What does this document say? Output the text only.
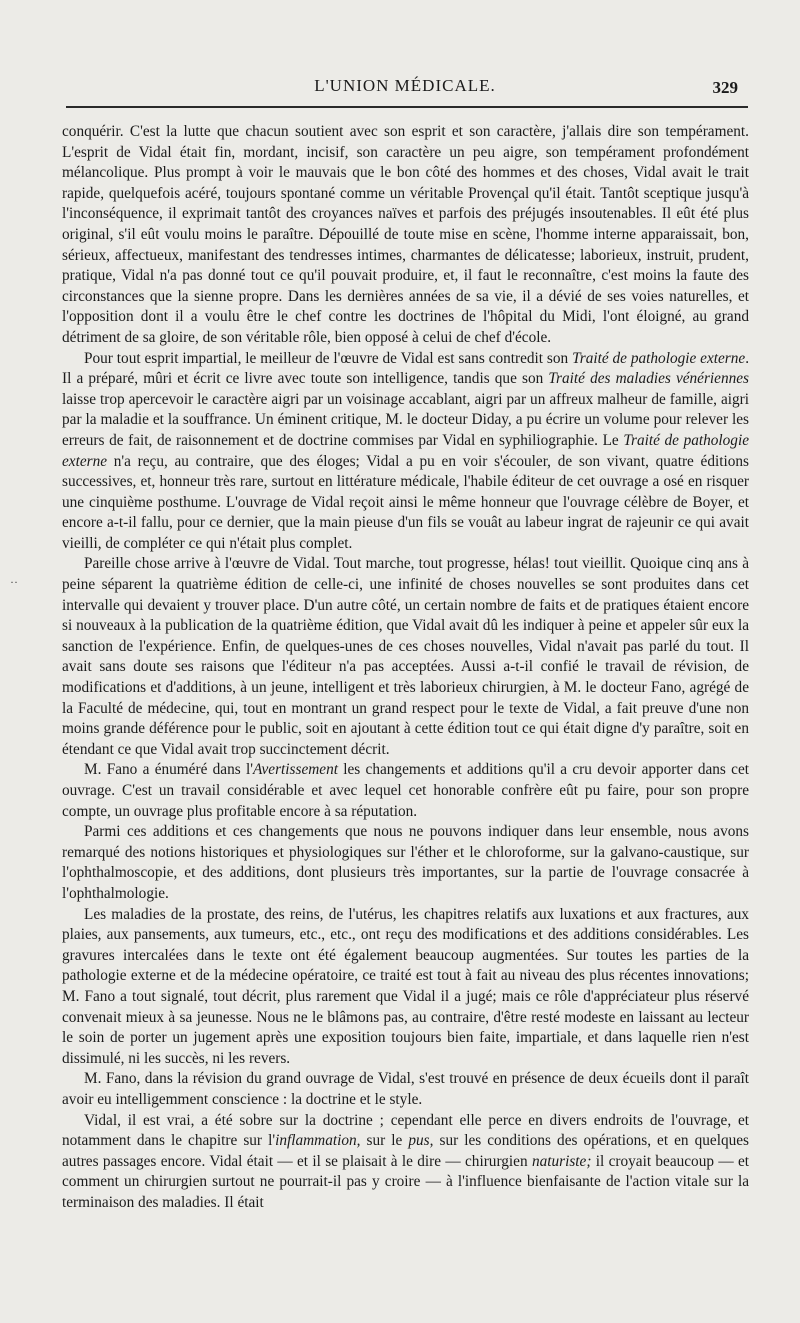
L'UNION MÉDICALE.	329
··

conquérir. C'est la lutte que chacun soutient avec son esprit et son caractère, j'allais dire son tempérament. L'esprit de Vidal était fin, mordant, incisif, son caractère un peu aigre, son tempérament profondément mélancolique. Plus prompt à voir le mauvais que le bon côté des hommes et des choses, Vidal avait le trait rapide, quelquefois acéré, toujours spontané comme un véritable Provençal qu'il était. Tantôt sceptique jusqu'à l'inconséquence, il exprimait tantôt des croyances naïves et parfois des préjugés insoutenables. Il eût été plus original, s'il eût voulu moins le paraître. Dépouillé de toute mise en scène, l'homme interne apparaissait, bon, sérieux, affectueux, manifestant des tendresses intimes, charmantes de délicatesse; laborieux, instruit, prudent, pratique, Vidal n'a pas donné tout ce qu'il pouvait produire, et, il faut le reconnaître, c'est moins la faute des circonstances que la sienne propre. Dans les dernières années de sa vie, il a dévié de ses voies naturelles, et l'opposition dont il a voulu être le chef contre les doctrines de l'hôpital du Midi, l'ont éloigné, au grand détriment de sa gloire, de son véritable rôle, bien opposé à celui de chef d'école.

Pour tout esprit impartial, le meilleur de l'œuvre de Vidal est sans contredit son Traité de pathologie externe. Il a préparé, mûri et écrit ce livre avec toute son intelligence, tandis que son Traité des maladies vénériennes laisse trop apercevoir le caractère aigri par un voisinage accablant, aigri par un affreux malheur de famille, aigri par la maladie et la souffrance. Un éminent critique, M. le docteur Diday, a pu écrire un volume pour relever les erreurs de fait, de raisonnement et de doctrine commises par Vidal en syphiliographie. Le Traité de pathologie externe n'a reçu, au contraire, que des éloges; Vidal a pu en voir s'écouler, de son vivant, quatre éditions successives, et, honneur très rare, surtout en littérature médicale, l'habile éditeur de cet ouvrage a osé en risquer une cinquième posthume. L'ouvrage de Vidal reçoit ainsi le même honneur que l'ouvrage célèbre de Boyer, et encore a-t-il fallu, pour ce dernier, que la main pieuse d'un fils se vouât au labeur ingrat de rajeunir ce qui avait vieilli, de compléter ce qui n'était plus complet.

Pareille chose arrive à l'œuvre de Vidal. Tout marche, tout progresse, hélas! tout vieillit. Quoique cinq ans à peine séparent la quatrième édition de celle-ci, une infinité de choses nouvelles se sont produites dans cet intervalle qui devaient y trouver place. D'un autre côté, un certain nombre de faits et de pratiques étaient encore si nouveaux à la publication de la quatrième édition, que Vidal avait dû les indiquer à peine et appeler sûr eux la sanction de l'expérience. Enfin, de quelques-unes de ces choses nouvelles, Vidal n'avait pas parlé du tout. Il avait sans doute ses raisons que l'éditeur n'a pas acceptées. Aussi a-t-il confié le travail de révision, de modifications et d'additions, à un jeune, intelligent et très laborieux chirurgien, à M. le docteur Fano, agrégé de la Faculté de médecine, qui, tout en montrant un grand respect pour le texte de Vidal, a fait preuve d'une non moins grande déférence pour le public, soit en ajoutant à cette édition tout ce qui était digne d'y paraître, soit en étendant ce que Vidal avait trop succinctement décrit.

M. Fano a énuméré dans l'Avertissement les changements et additions qu'il a cru devoir apporter dans cet ouvrage. C'est un travail considérable et avec lequel cet honorable confrère eût pu faire, pour son propre compte, un ouvrage plus profitable encore à sa réputation.

Parmi ces additions et ces changements que nous ne pouvons indiquer dans leur ensemble, nous avons remarqué des notions historiques et physiologiques sur l'éther et le chloroforme, sur la galvano-caustique, sur l'ophthalmoscopie, et des additions, dont plusieurs très importantes, sur la partie de l'ouvrage consacrée à l'ophthalmologie.

Les maladies de la prostate, des reins, de l'utérus, les chapitres relatifs aux luxations et aux fractures, aux plaies, aux pansements, aux tumeurs, etc., etc., ont reçu des modifications et des additions considérables. Les gravures intercalées dans le texte ont été également beaucoup augmentées. Sur toutes les parties de la pathologie externe et de la médecine opératoire, ce traité est tout à fait au niveau des plus récentes innovations; M. Fano a tout signalé, tout décrit, plus rarement que Vidal il a jugé; mais ce rôle d'appréciateur plus réservé convenait mieux à sa jeunesse. Nous ne le blâmons pas, au contraire, d'être resté modeste en laissant au lecteur le soin de porter un jugement après une exposition toujours bien faite, impartiale, et dans laquelle rien n'est dissimulé, ni les succès, ni les revers.

M. Fano, dans la révision du grand ouvrage de Vidal, s'est trouvé en présence de deux écueils dont il paraît avoir eu intelligemment conscience : la doctrine et le style.

Vidal, il est vrai, a été sobre sur la doctrine ; cependant elle perce en divers endroits de l'ouvrage, et notamment dans le chapitre sur l'inflammation, sur le pus, sur les conditions des opérations, et en quelques autres passages encore. Vidal était — et il se plaisait à le dire — chirurgien naturiste; il croyait beaucoup — et comment un chirurgien surtout ne pourrait-il pas y croire — à l'influence bienfaisante de l'action vitale sur la terminaison des maladies. Il était
